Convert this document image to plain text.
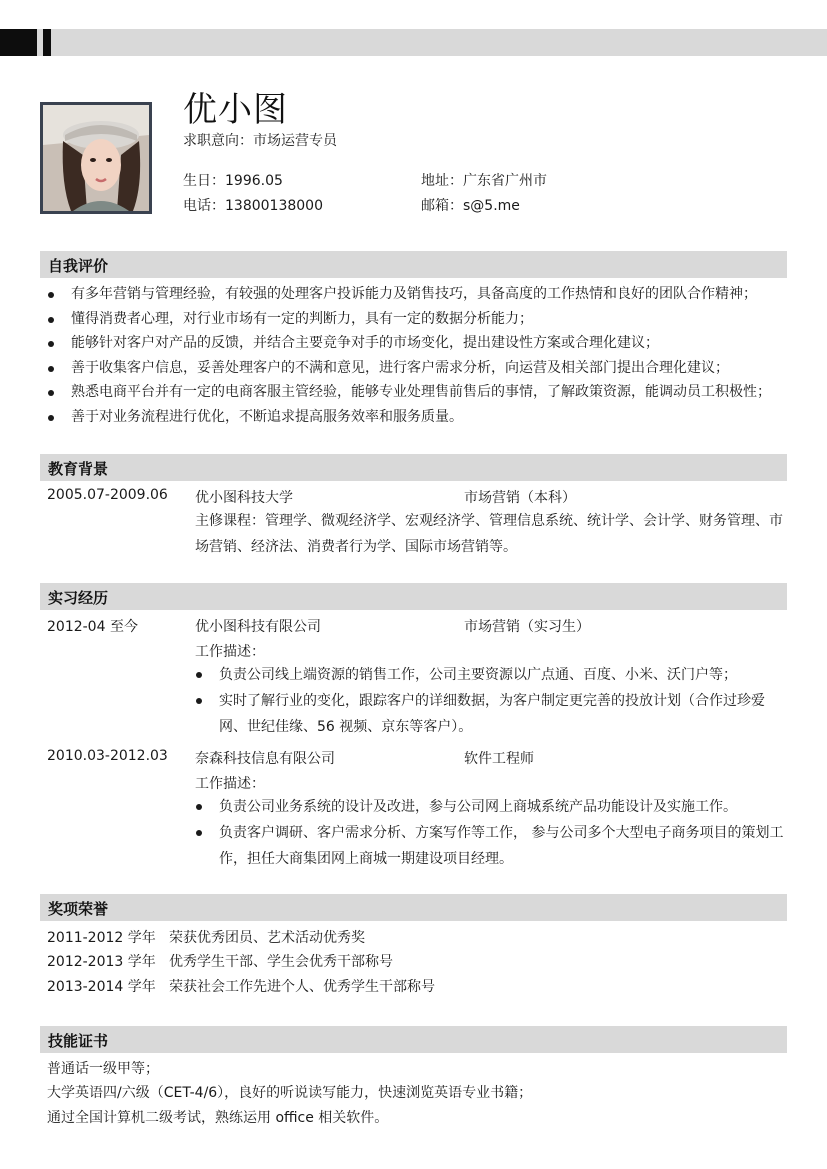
优小图
求职意向：市场运营专员
生日：1996.05	地址：广东省广州市
电话：13800138000	邮箱：s@5.me
自我评价
有多年营销与管理经验，有较强的处理客户投诉能力及销售技巧，具备高度的工作热情和良好的团队合作精神；
懂得消费者心理，对行业市场有一定的判断力，具有一定的数据分析能力；
能够针对客户对产品的反馈，并结合主要竞争对手的市场变化，提出建设性方案或合理化建议；
善于收集客户信息，妥善处理客户的不满和意见，进行客户需求分析，向运营及相关部门提出合理化建议；
熟悉电商平台并有一定的电商客服主管经验，能够专业处理售前售后的事情，了解政策资源，能调动员工积极性；
善于对业务流程进行优化，不断追求提高服务效率和服务质量。
教育背景
2005.07-2009.06 优小图科技大学	市场营销（本科）
主修课程：管理学、微观经济学、宏观经济学、管理信息系统、统计学、会计学、财务管理、市场营销、经济法、消费者行为学、国际市场营销等。
实习经历
2012-04 至今	优小图科技有限公司	市场营销（实习生）
工作描述：
负责公司线上端资源的销售工作，公司主要资源以广点通、百度、小米、沃门户等；
实时了解行业的变化，跟踪客户的详细数据，为客户制定更完善的投放计划（合作过珍爱网、世纪佳缘、56 视频、京东等客户）。
2010.03-2012.03 奈森科技信息有限公司	软件工程师
工作描述：
负责公司业务系统的设计及改进，参与公司网上商城系统产品功能设计及实施工作。
负责客户调研、客户需求分析、方案写作等工作， 参与公司多个大型电子商务项目的策划工作，担任大商集团网上商城一期建设项目经理。
奖项荣誉
2011-2012 学年 荣获优秀团员、艺术活动优秀奖
2012-2013 学年 优秀学生干部、学生会优秀干部称号
2013-2014 学年 荣获社会工作先进个人、优秀学生干部称号
技能证书
普通话一级甲等；
大学英语四/六级（CET-4/6），良好的听说读写能力，快速浏览英语专业书籍；
通过全国计算机二级考试，熟练运用 office 相关软件。
